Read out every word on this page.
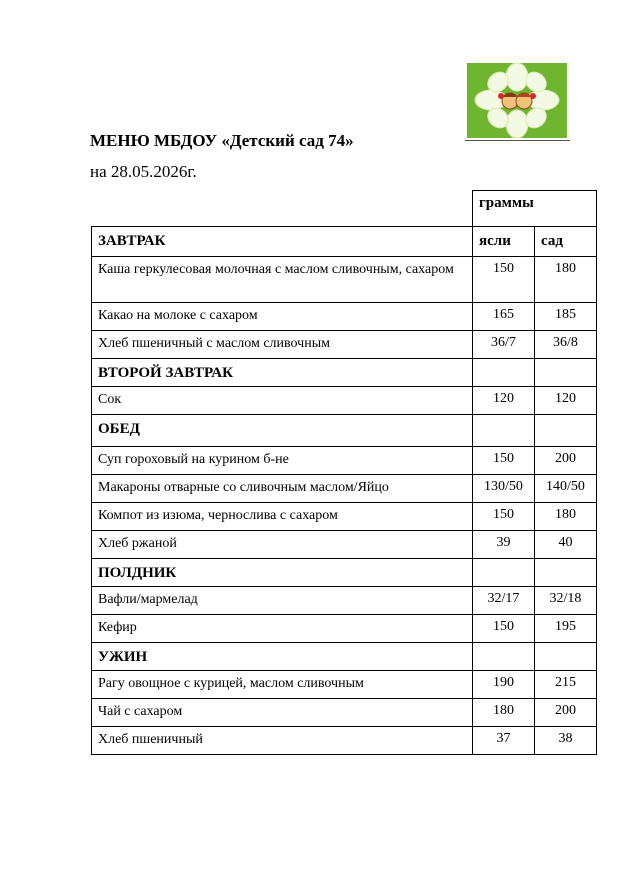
МЕНЮ МБДОУ «Детский сад 74»
на 28.05.2026г.
	граммы	
ЗАВТРАК	ясли	сад
Каша геркулесовая молочная с маслом сливочным, сахаром	150	180
Какао на молоке с сахаром	165	185
Хлеб пшеничный с маслом сливочным	36/7	36/8
ВТОРОЙ ЗАВТРАК		
Сок	120	120
ОБЕД		
Суп гороховый на курином б-не	150	200
Макароны отварные со сливочным маслом/Яйцо	130/50	140/50
Компот из изюма, чернослива с сахаром	150	180
Хлеб ржаной	39	40
ПОЛДНИК		
Вафли/мармелад	32/17	32/18
Кефир	150	195
УЖИН		
Рагу овощное с курицей, маслом сливочным	190	215
Чай с сахаром	180	200
Хлеб пшеничный	37	38
